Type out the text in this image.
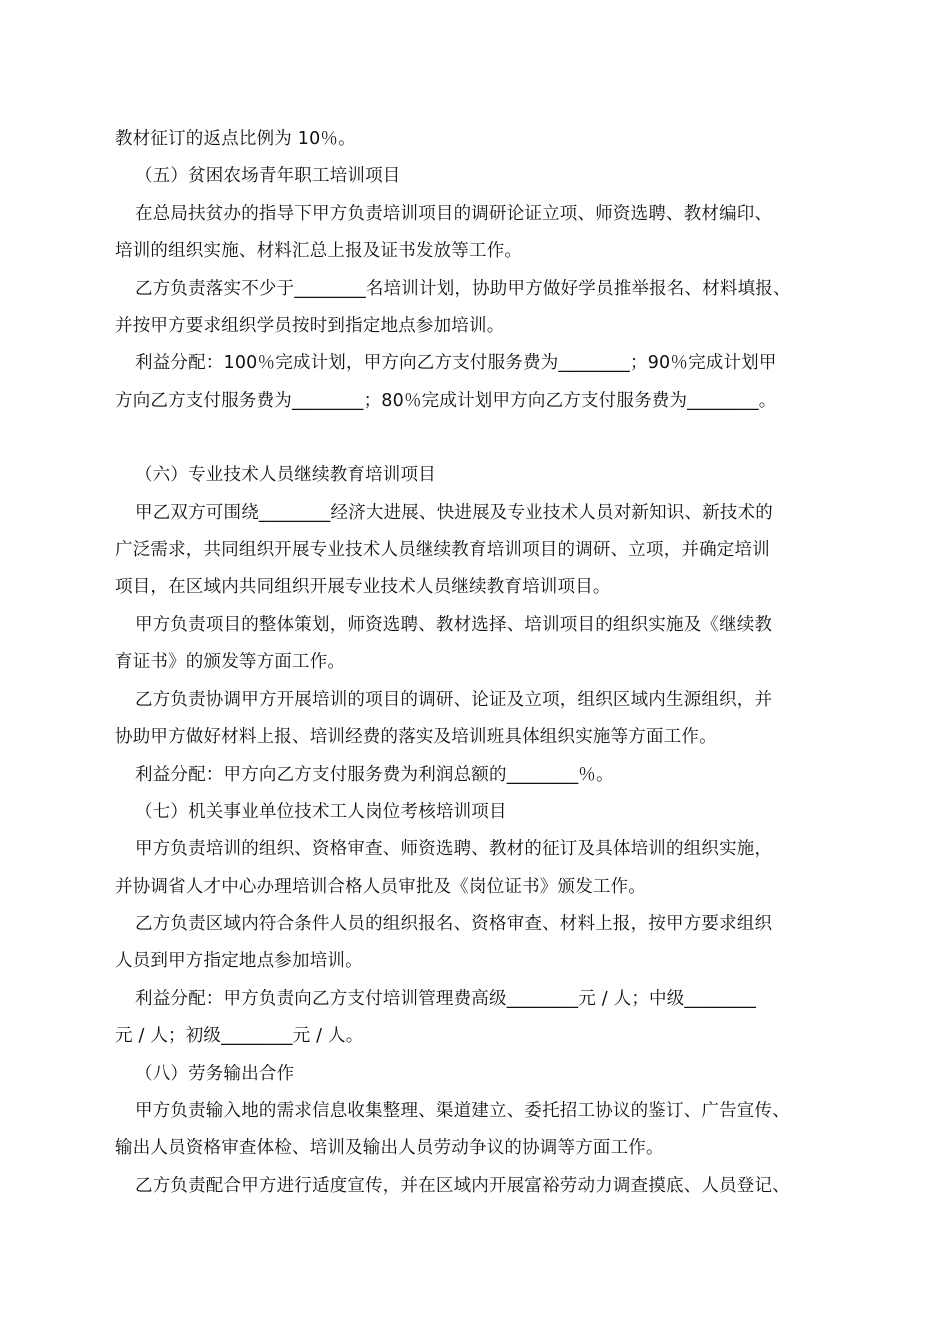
教材征订的返点比例为 10％。
（五）贫困农场青年职工培训项目
在总局扶贫办的指导下甲方负责培训项目的调研论证立项、师资选聘、教材编印、
培训的组织实施、材料汇总上报及证书发放等工作。
乙方负责落实不少于________名培训计划，协助甲方做好学员推举报名、材料填报、
并按甲方要求组织学员按时到指定地点参加培训。
利益分配：100％完成计划，甲方向乙方支付服务费为________；90％完成计划甲
方向乙方支付服务费为________；80％完成计划甲方向乙方支付服务费为________。
（六）专业技术人员继续教育培训项目
甲乙双方可围绕________经济大进展、快进展及专业技术人员对新知识、新技术的
广泛需求，共同组织开展专业技术人员继续教育培训项目的调研、立项，并确定培训
项目，在区域内共同组织开展专业技术人员继续教育培训项目。
甲方负责项目的整体策划，师资选聘、教材选择、培训项目的组织实施及《继续教
育证书》的颁发等方面工作。
乙方负责协调甲方开展培训的项目的调研、论证及立项，组织区域内生源组织，并
协助甲方做好材料上报、培训经费的落实及培训班具体组织实施等方面工作。
利益分配：甲方向乙方支付服务费为利润总额的________％。
（七）机关事业单位技术工人岗位考核培训项目
甲方负责培训的组织、资格审查、师资选聘、教材的征订及具体培训的组织实施，
并协调省人才中心办理培训合格人员审批及《岗位证书》颁发工作。
乙方负责区域内符合条件人员的组织报名、资格审查、材料上报，按甲方要求组织
人员到甲方指定地点参加培训。
利益分配：甲方负责向乙方支付培训管理费高级________元 / 人；中级________
元 / 人；初级________元 / 人。
（八）劳务输出合作
甲方负责输入地的需求信息收集整理、渠道建立、委托招工协议的鉴订、广告宣传、
输出人员资格审查体检、培训及输出人员劳动争议的协调等方面工作。
乙方负责配合甲方进行适度宣传，并在区域内开展富裕劳动力调查摸底、人员登记、
